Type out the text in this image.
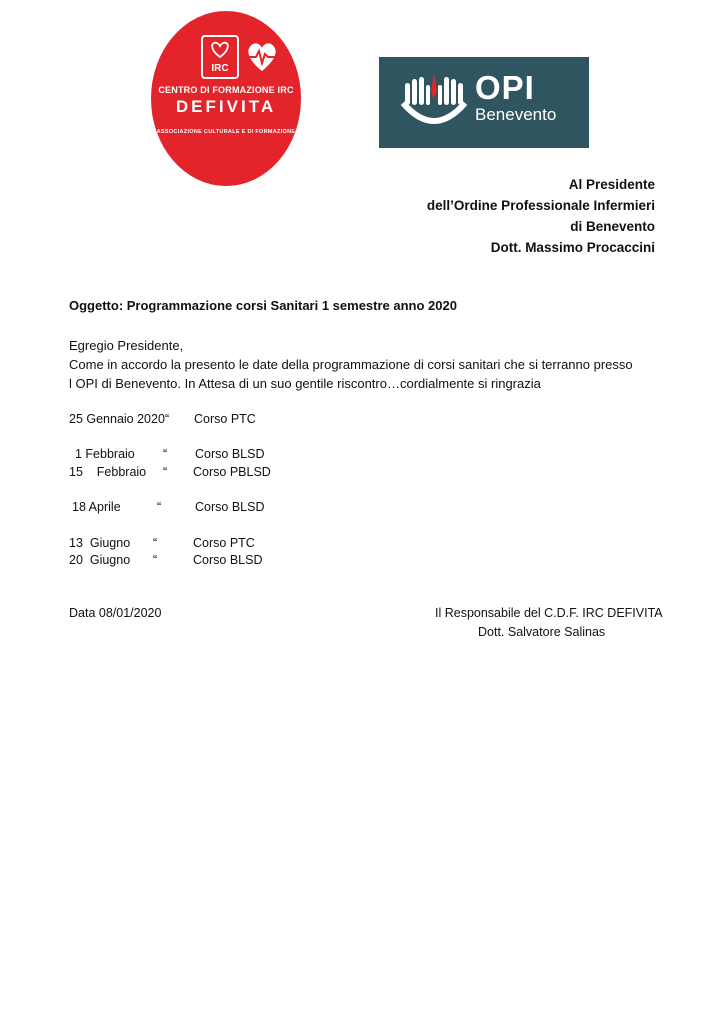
IRC
CENTRO DI FORMAZIONE IRC
DEFIVITA
ASSOCIAZIONE CULTURALE E DI FORMAZIONE
OPI
Benevento
Al Presidente
dell’Ordine Professionale Infermieri
di Benevento
Dott. Massimo Procaccini
Oggetto: Programmazione corsi Sanitari 1 semestre anno 2020
Egregio Presidente,
Come in accordo la presento le date della programmazione di corsi sanitari che si terranno presso
l OPI di Benevento. In Attesa di un suo gentile riscontro…cordialmente si ringrazia
25 Gennaio 2020 “ Corso PTC
1 Febbraio “ Corso BLSD
15    Febbraio “ Corso PBLSD
18 Aprile	“	Corso BLSD
13  Giugno “	Corso PTC
20  Giugno “	Corso BLSD
Data 08/01/2020	Il Responsabile del C.D.F. IRC DEFIVITA
Dott. Salvatore Salinas
